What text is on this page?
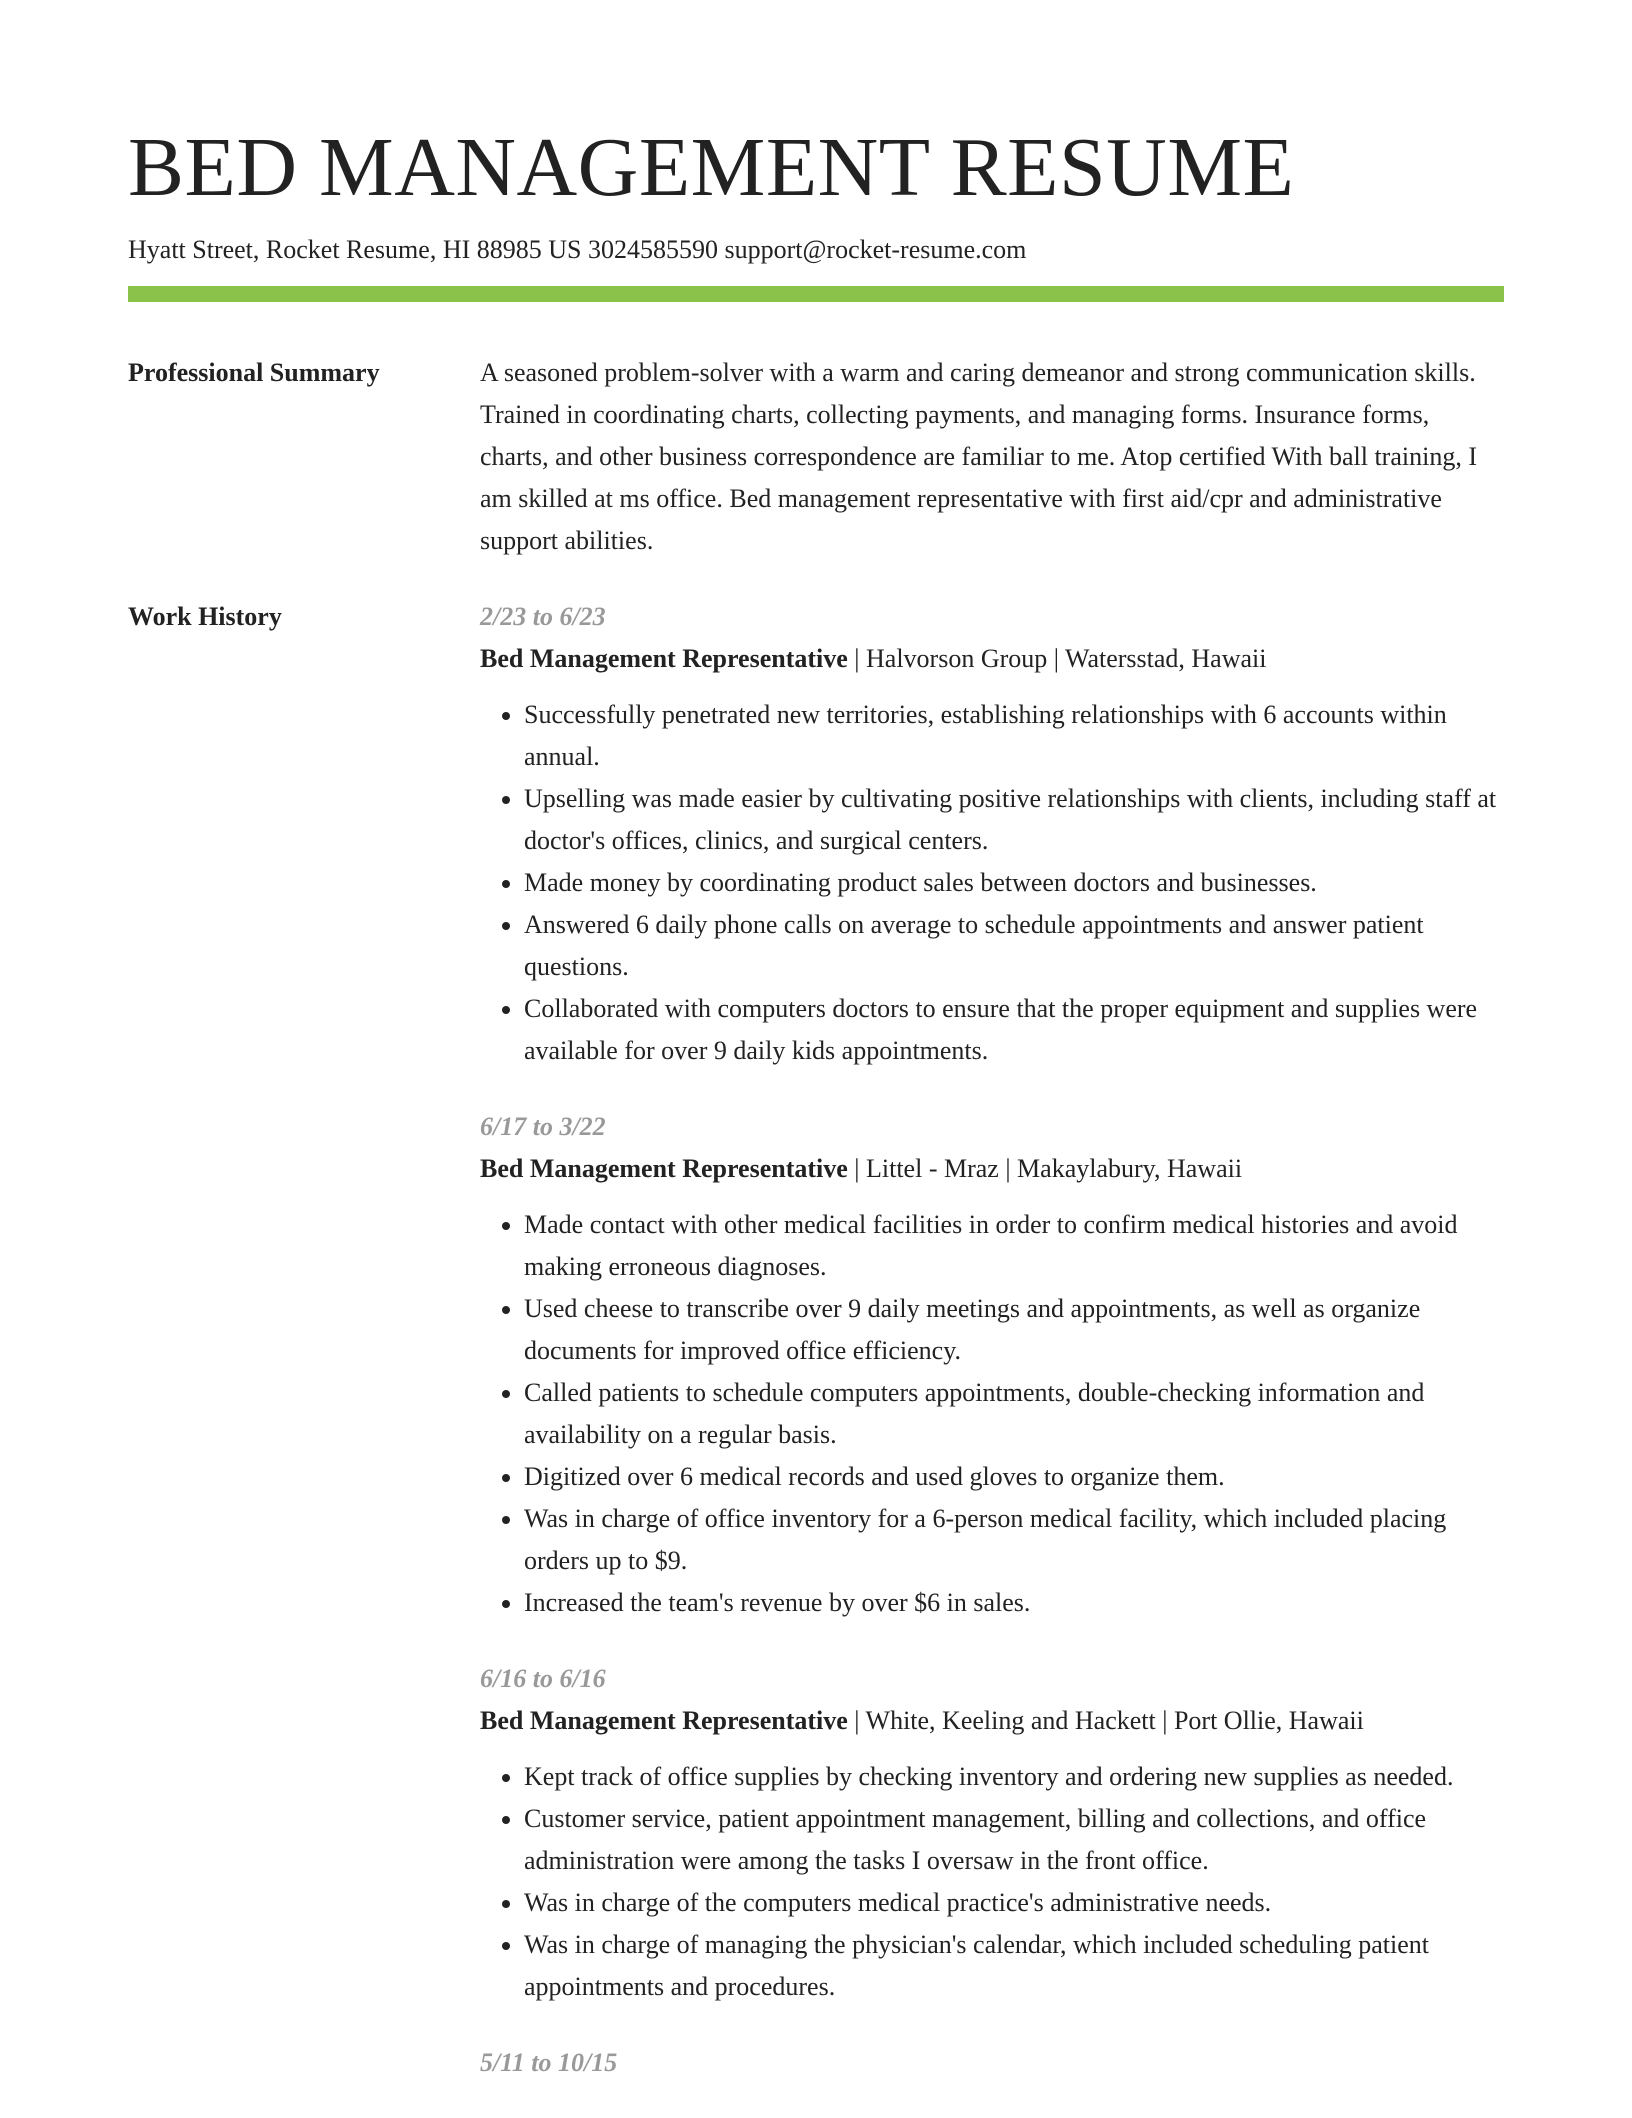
BED MANAGEMENT RESUME
Hyatt Street, Rocket Resume, HI 88985 US 3024585590 support@rocket-resume.com
Professional Summary	A seasoned problem-solver with a warm and caring demeanor and strong communication skills. Trained in coordinating charts, collecting payments, and managing forms. Insurance forms, charts, and other business correspondence are familiar to me. Atop certified With ball training, I am skilled at ms office. Bed management representative with first aid/cpr and administrative support abilities.
Work History	2/23 to 6/23
Bed Management Representative | Halvorson Group | Watersstad, Hawaii
• Successfully penetrated new territories, establishing relationships with 6 accounts within annual.
• Upselling was made easier by cultivating positive relationships with clients, including staff at doctor's offices, clinics, and surgical centers.
• Made money by coordinating product sales between doctors and businesses.
• Answered 6 daily phone calls on average to schedule appointments and answer patient questions.
• Collaborated with computers doctors to ensure that the proper equipment and supplies were available for over 9 daily kids appointments.
6/17 to 3/22
Bed Management Representative | Littel - Mraz | Makaylabury, Hawaii
• Made contact with other medical facilities in order to confirm medical histories and avoid making erroneous diagnoses.
• Used cheese to transcribe over 9 daily meetings and appointments, as well as organize documents for improved office efficiency.
• Called patients to schedule computers appointments, double-checking information and availability on a regular basis.
• Digitized over 6 medical records and used gloves to organize them.
• Was in charge of office inventory for a 6-person medical facility, which included placing orders up to $9.
• Increased the team's revenue by over $6 in sales.
6/16 to 6/16
Bed Management Representative | White, Keeling and Hackett | Port Ollie, Hawaii
• Kept track of office supplies by checking inventory and ordering new supplies as needed.
• Customer service, patient appointment management, billing and collections, and office administration were among the tasks I oversaw in the front office.
• Was in charge of the computers medical practice's administrative needs.
• Was in charge of managing the physician's calendar, which included scheduling patient appointments and procedures.
5/11 to 10/15
